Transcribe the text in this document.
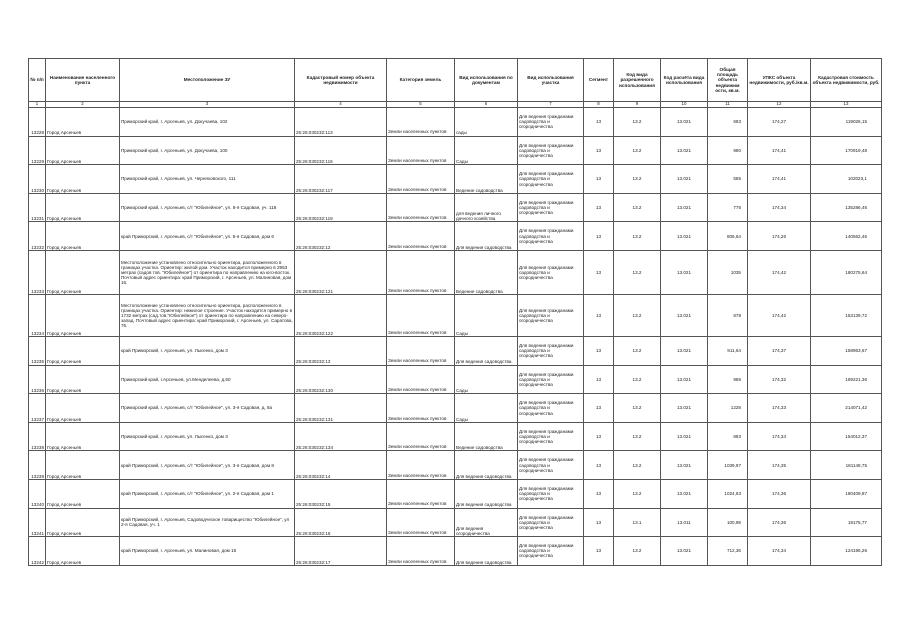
№ п/п	Наименование населенного пункта	Местоположение ЗУ	Кадастровый номер объекта недвижимости	Категория земель	Вид использования по документам	Вид использования участка	Сегмент	Код вида разрешенного использования	Код расчёта вида использования	Общая площадь объекта недвижим ости, кв.м.	УПКС объекта недвижимости, руб./кв.м.	Кадастровая стоимость объекта недвижимости, руб.
1	2	3	4	5	6	7	8	9	10	11	12	13
13228	Город Арсеньев	Приморский край, г. Арсеньев, ул. Докучаева, 102	25:26:030232:113	Земли населенных пунктов	сады	Для ведения гражданами садоводства и огородничества	13	13.2	13.021	683	174,27	119026,15
13229	Город Арсеньев	Приморский край, г. Арсеньев, ул. Докучаева, 100	25:26:030232:116	Земли населенных пунктов	Сады	Для ведения гражданами садоводства и огородничества	13	13.2	13.021	980	174,41	170919,48
13230	Город Арсеньев	Приморский край, г. Арсеньев, ул. Черняховского, 111	25:26:030232:117	Земли населенных пунктов	Ведение садоводства	Для ведения гражданами садоводства и огородничества	13	13.2	13.021	585	174,41	102023,1
13231	Город Арсеньев	Приморский край, г. Арсеньев, с/т "Юбилейное", ул. 8-я Садовая, уч. 118	25:26:030232:119	Земли населенных пунктов	для ведения личного дачного хозяйства	Для ведения гражданами садоводства и огородничества	13	13.2	13.021	776	174,34	135286,46
13232	Город Арсеньев	край Приморский, г. Арсеньев, с/т "Юбилейное", ул. 5-я Садовая, дом 6	25:26:030232:12	Земли населенных пунктов	Для ведения садоводства	Для ведения гражданами садоводства и огородничества	13	13.2	13.021	806,64	174,26	140562,46
13233	Город Арсеньев	Местоположение установлено относительно ориентира, расположенного в границах участка. Ориентир: жилой дом. Участок находится примерно в 2953 метрах (садов тов. "Юбилейное") от ориентира по направлению на юго-восток. Почтовый адрес ориентира: край Приморский, г. Арсеньев, ул. Малиновая, дом 16.	25:26:030232:121	Земли населенных пунктов	Ведение садоводства	Для ведения гражданами садоводства и огородничества	13	13.2	13.021	1035	174,42	180275,64
13234	Город Арсеньев	Местоположение установлено относительно ориентира, расположенного в границах участка. Ориентир: нежилое строение. Участок находится примерно в 1732 метрах (сад.тов."Юбилейное") от ориентира по направлению на северо-запад. Почтовый адрес ориентира: край Приморский, г. Арсеньев, ул. Саратова, 76.	25:26:030232:122	Земли населенных пунктов	Сады	Для ведения гражданами садоводства и огородничества	13	13.2	13.021	878	174,42	153139,72
13235	Город Арсеньев	край Приморский, г. Арсеньев, ул. Лысенко, дом 3	25:26:030232:13	Земли населенных пунктов	Для ведения садоводства	Для ведения гражданами садоводства и огородничества	13	13.2	13.021	911,64	174,37	158963,67
13236	Город Арсеньев	Приморский край, г.Арсеньев, ул.Менделеева, д.50	25:26:030232:130	Земли населенных пунктов	Сады	Для ведения гражданами садоводства и огородничества	13	13.2	13.021	985	174,32	169221,36
13237	Город Арсеньев	Приморский край, г. Арсеньев, с/т "Юбилейное", ул. 3-я Садовая, д. 8а	25:26:030232:131	Земли населенных пунктов	Сады	Для ведения гражданами садоводства и огородничества	13	13.2	13.021	1228	174,33	214071,42
13238	Город Арсеньев	Приморский край, г. Арсеньев, ул. Лысенко, дом 3	25:26:030232:134	Земли населенных пунктов	Ведение садоводства	Для ведения гражданами садоводства и огородничества	13	13.2	13.021	883	174,34	154012,37
13239	Город Арсеньев	край Приморский, г. Арсеньев, с/т "Юбилейное", ул. 3-я Садовая, дом 8	25:26:030232:14	Земли населенных пунктов	Для ведения садоводства	Для ведения гражданами садоводства и огородничества	13	13.2	13.021	1039,97	174,35	181148,75
13240	Город Арсеньев	край Приморский, г. Арсеньев, с/т "Юбилейное", ул. 2-я Садовая, дом 1	25:26:030232:15	Земли населенных пунктов	Для ведения садоводства	Для ведения гражданами садоводства и огородничества	13	13.2	13.021	1024,63	174,36	180409,87
13241	Город Арсеньев	край Приморский, г. Арсеньев, Садоводческое товарищество "Юбилейное", ул 2-я Садовая, уч. 1	25:26:030232:16	Земли населенных пунктов	Для ведения огородничества	Для ведения гражданами садоводства и огородничества	13	13.1	13.011	100,98	174,36	19175,77
13242	Город Арсеньев	край Приморский, г. Арсеньев, ул. Малиновая, дом 16	25:26:030232:17	Земли населенных пунктов	Для ведения садоводства	Для ведения гражданами садоводства и огородничества	13	13.2	13.021	712,36	174,34	124195,26
